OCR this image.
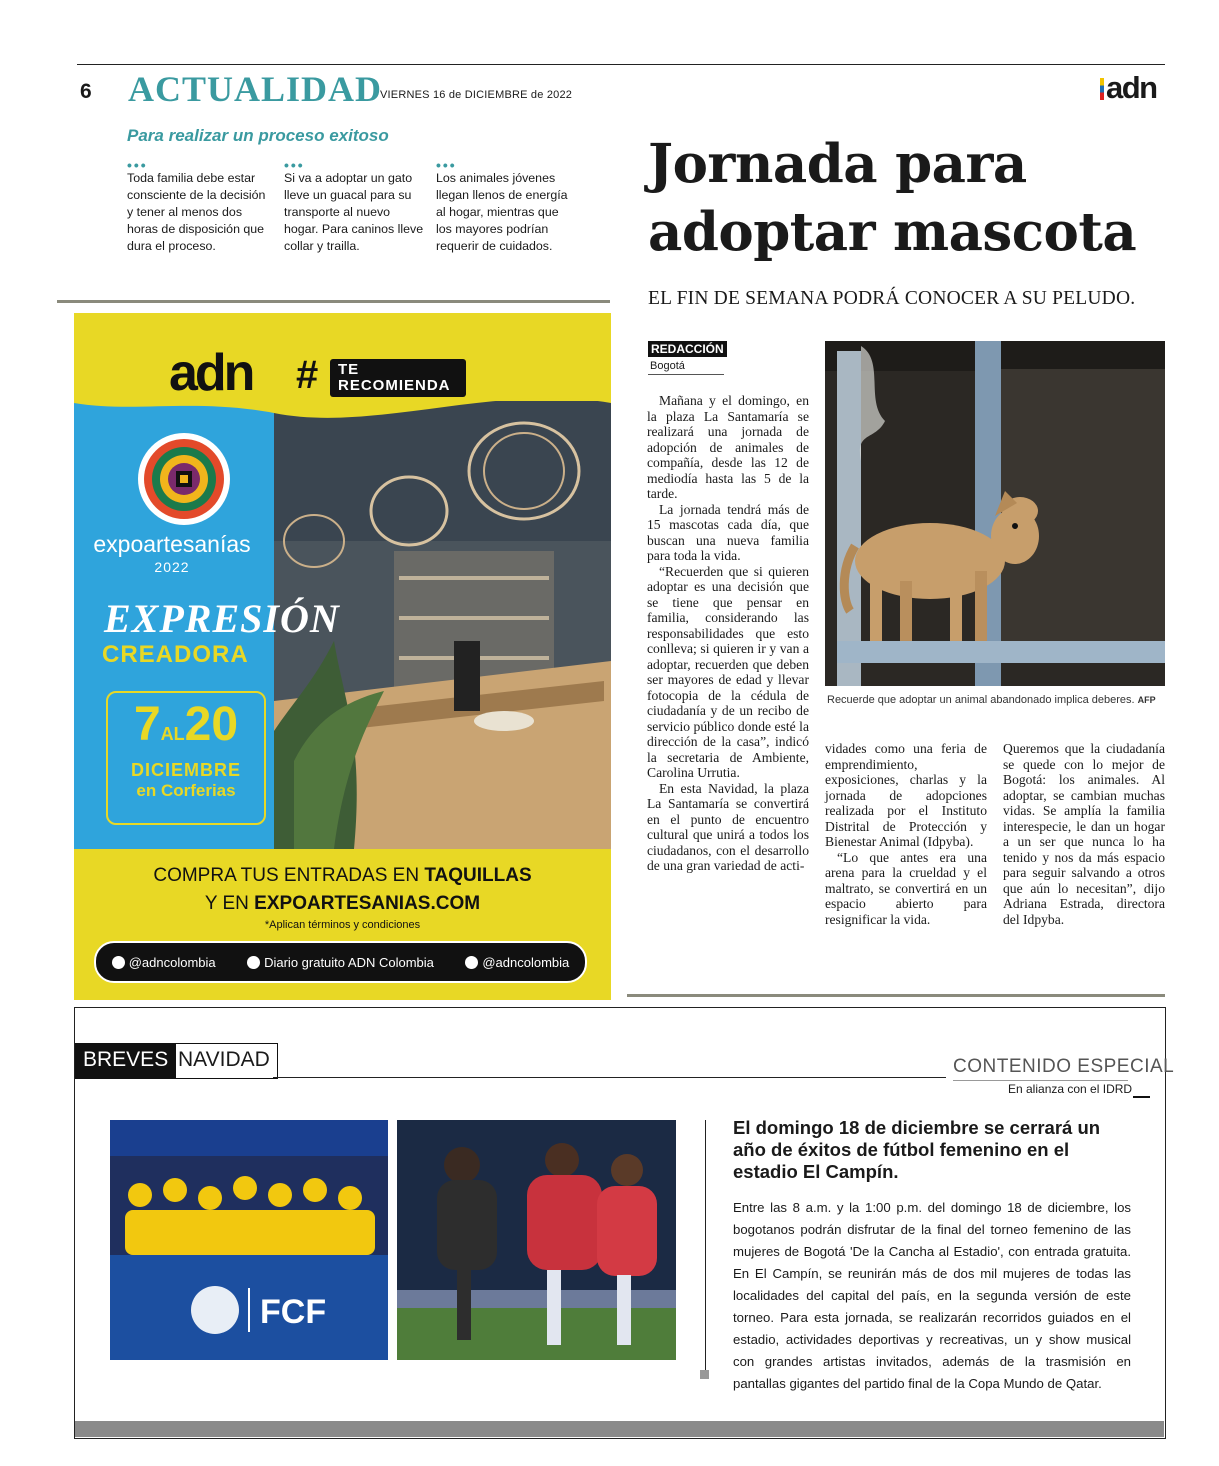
6 ACTUALIDAD
VIERNES 16 de DICIEMBRE de 2022	adn
Para realizar un proceso exitoso
•••
Toda familia debe estar consciente de la decisión y tener al menos dos horas de disposición que dura el proceso.
•••
Si va a adoptar un gato lleve un guacal para su transporte al nuevo hogar. Para caninos lleve collar y trailla.
•••
Los animales jóvenes llegan llenos de energía al hogar, mientras que los mayores podrían requerir de cuidados.
Jornada para adoptar mascota
EL FIN DE SEMANA PODRÁ CONOCER A SU PELUDO.
REDACCIÓN
Bogotá

Mañana y el domingo, en la plaza La Santamaría se realizará una jornada de adopción de animales de compañía, desde las 12 de mediodía hasta las 5 de la tarde.

La jornada tendrá más de 15 mascotas cada día, que buscan una nueva familia para toda la vida.

“Recuerden que si quieren adoptar es una decisión que se tiene que pensar en familia, considerando las responsabilidades que esto conlleva; si quieren ir y van a adoptar, recuerden que deben ser mayores de edad y llevar fotocopia de la cédula de ciudadanía y de un recibo de servicio público donde esté la dirección de la casa”, indicó la secretaria de Ambiente, Carolina Urrutia.

En esta Navidad, la plaza La Santamaría se convertirá en el punto de encuentro cultural que unirá a todos los ciudadanos, con el desarrollo de una gran variedad de acti-

vidades como una feria de emprendimiento, exposiciones, charlas y la jornada de adopciones realizada por el Instituto Distrital de Protección y Bienestar Animal (Idpyba).

“Lo que antes era una arena para la crueldad y el maltrato, se convertirá en un espacio abierto para resignificar la vida.

Queremos que la ciudadanía se quede con lo mejor de Bogotá: los animales. Al adoptar, se cambian muchas vidas. Se amplía la familia interespecie, le dan un hogar a un ser que nunca lo ha tenido y nos da más espacio para seguir salvando a otros que aún lo necesitan”, dijo Adriana Estrada, directora del Idpyba.

Recuerde que adoptar un animal abandonado implica deberes. AFP
adn #	TE RECOMIENDA
expoartesanías
2022
EXPRESIÓN
CREADORA
7AL20
DICIEMBRE
en Corferias
COMPRA TUS ENTRADAS EN TAQUILLAS
Y EN EXPOARTESANIAS.COM
*Aplican términos y condiciones
@adncolombia	Diario gratuito ADN Colombia	@adncolombia
BREVES NAVIDAD	CONTENIDO ESPECIAL
En alianza con el IDRD
FCF
El domingo 18 de diciembre se cerrará un año de éxitos de fútbol femenino en el estadio El Campín.
Entre las 8 a.m. y la 1:00 p.m. del domingo 18 de diciembre, los bogotanos podrán disfrutar de la final del torneo femenino de las mujeres de Bogotá 'De la Cancha al Estadio', con entrada gratuita. En El Campín, se reunirán más de dos mil mujeres de todas las localidades del capital del país, en la segunda versión de este torneo. Para esta jornada, se realizarán recorridos guiados en el estadio, actividades deportivas y recreativas, un y show musical con grandes artistas invitados, además de la trasmisión en pantallas gigantes del partido final de la Copa Mundo de Qatar.
